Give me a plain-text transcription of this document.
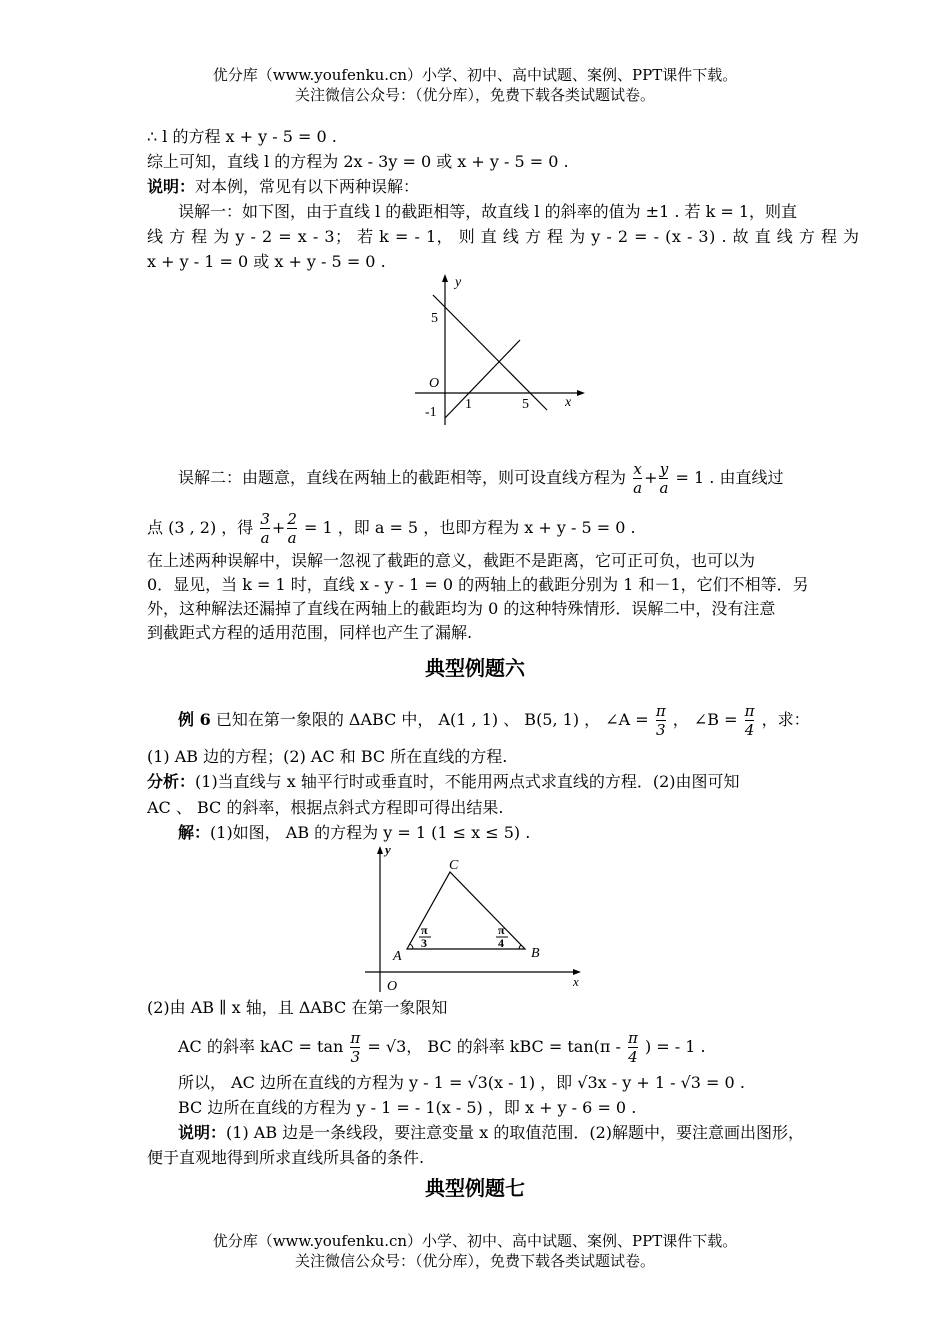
优分库（www.youfenku.cn）小学、初中、高中试题、案例、PPT课件下载。
关注微信公众号：（优分库），免费下载各类试题试卷。
∴ l 的方程 x + y - 5 = 0 .
综上可知，直线 l 的方程为 2x - 3y = 0 或 x + y - 5 = 0 .
说明：对本例，常见有以下两种误解：
误解一：如下图，由于直线 l 的截距相等，故直线 l 的斜率的值为 ±1 . 若 k = 1，则直
线 方 程 为 y - 2 = x - 3； 若 k = - 1， 则 直 线 方 程 为 y - 2 = - (x - 3) . 故 直 线 方 程 为
x + y - 1 = 0 或 x + y - 5 = 0 .
y
x
O
5
-1
1	5
误解二：由题意，直线在两轴上的截距相等，则可设直线方程为 $\frac{x}{a} + \frac{y}{a} = 1$ . 由直线过
点 (3 , 2) ，得 $\frac{3}{a} + \frac{2}{a} = 1$ ，即 a = 5 ，也即方程为 x + y - 5 = 0 .
在上述两种误解中，误解一忽视了截距的意义，截距不是距离，它可正可负，也可以为
0．显见，当 k = 1 时，直线 x - y - 1 = 0 的两轴上的截距分别为 1 和－1，它们不相等．另
外，这种解法还漏掉了直线在两轴上的截距均为 0 的这种特殊情形．误解二中，没有注意
到截距式方程的适用范围，同样也产生了漏解.
典型例题六
例 6 已知在第一象限的 ΔABC 中， A(1 , 1) 、 B(5, 1) ， ∠A = $\frac{\pi}{3}$ ， ∠B = $\frac{\pi}{4}$ ，求：
(1) AB 边的方程；(2) AC 和 BC 所在直线的方程.
分析：(1)当直线与 x 轴平行时或垂直时，不能用两点式求直线的方程．(2)由图可知
AC 、 BC 的斜率，根据点斜式方程即可得出结果.
解：(1)如图， AB 的方程为 y = 1 (1 ≤ x ≤ 5) .
y
x
O
A	B
C
π
3
π
4
(2)由 AB ∥ x 轴，且 ΔABC 在第一象限知
AC 的斜率 kAC = $\tan \frac{\pi}{3} = √3$， BC 的斜率 kBC = $\tan(\pi - \frac{\pi}{4}$ ) = - 1 .
所以， AC 边所在直线的方程为 y - 1 = √3(x - 1) ，即 √3x - y + 1 - √3 = 0 .
BC 边所在直线的方程为 y - 1 = - 1(x - 5) ，即 x + y - 6 = 0 .
说明：(1) AB 边是一条线段，要注意变量 x 的取值范围．(2)解题中，要注意画出图形，
便于直观地得到所求直线所具备的条件.
典型例题七
优分库（www.youfenku.cn）小学、初中、高中试题、案例、PPT课件下载。
关注微信公众号：（优分库），免费下载各类试题试卷。
